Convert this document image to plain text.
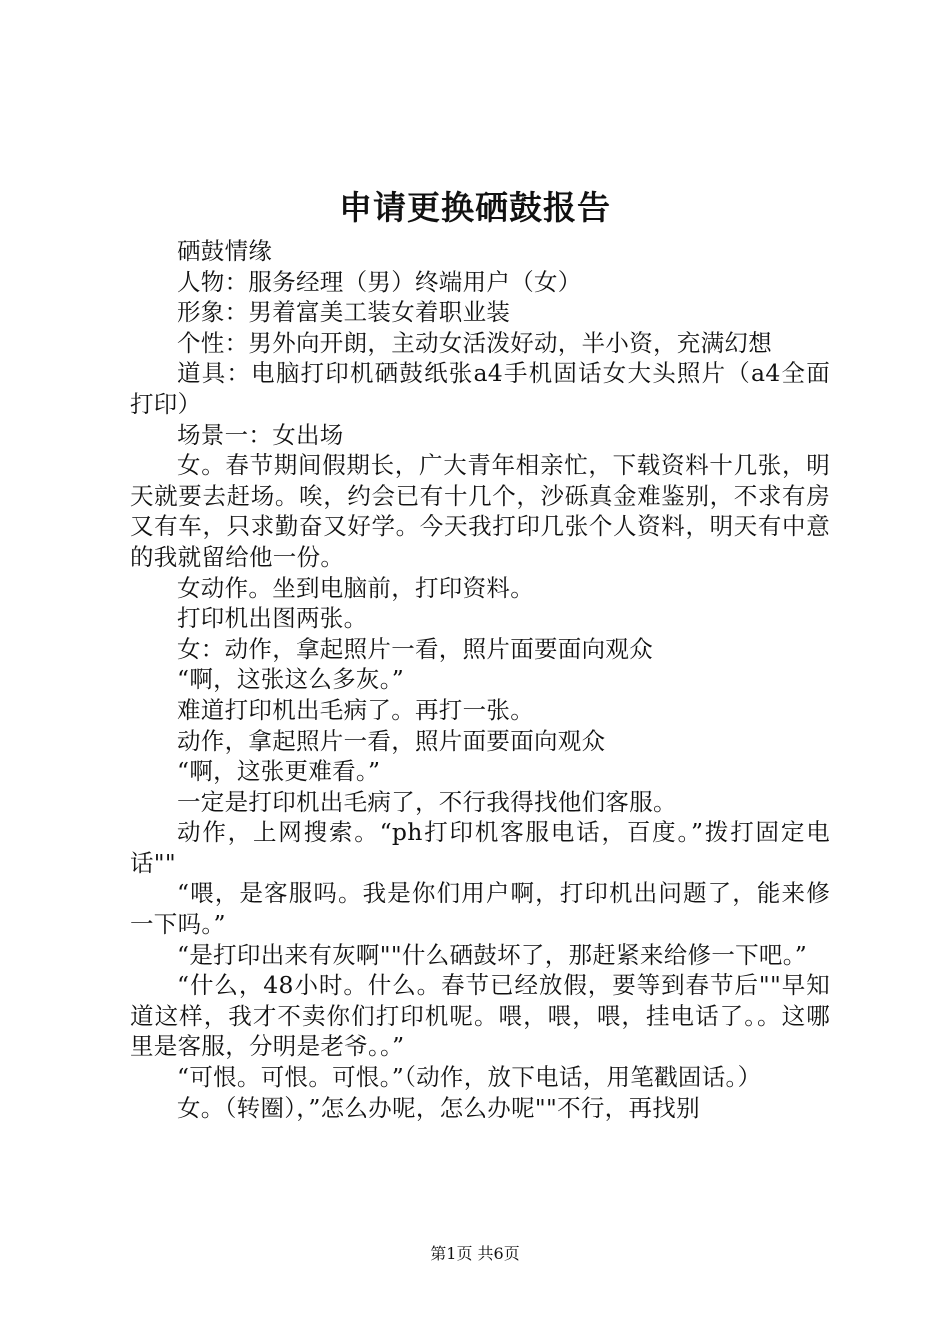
申请更换硒鼓报告

硒鼓情缘

人物：服务经理（男）终端用户（女）

形象：男着富美工装女着职业装

个性：男外向开朗，主动女活泼好动，半小资，充满幻想

道具：电脑打印机硒鼓纸张a4手机固话女大头照片（a4全面打印）

场景一：女出场

女。春节期间假期长，广大青年相亲忙，下载资料十几张，明天就要去赶场。唉，约会已有十几个，沙砾真金难鉴别，不求有房又有车，只求勤奋又好学。今天我打印几张个人资料，明天有中意的我就留给他一份。

女动作。坐到电脑前，打印资料。

打印机出图两张。

女：动作，拿起照片一看，照片面要面向观众

“啊，这张这么多灰。”

难道打印机出毛病了。再打一张。

动作，拿起照片一看，照片面要面向观众

“啊，这张更难看。”

一定是打印机出毛病了，不行我得找他们客服。

动作，上网搜索。“ph打印机客服电话，百度。”拨打固定电话""

“喂，是客服吗。我是你们用户啊，打印机出问题了，能来修一下吗。”

“是打印出来有灰啊""什么硒鼓坏了，那赶紧来给修一下吧。”

“什么，48小时。什么。春节已经放假，要等到春节后""早知道这样，我才不卖你们打印机呢。喂，喂，喂，挂电话了。。这哪里是客服，分明是老爷。。”

“可恨。可恨。可恨。”（动作，放下电话，用笔戳固话。）

女。（转圈），”怎么办呢，怎么办呢""不行，再找别

第1页 共6页
